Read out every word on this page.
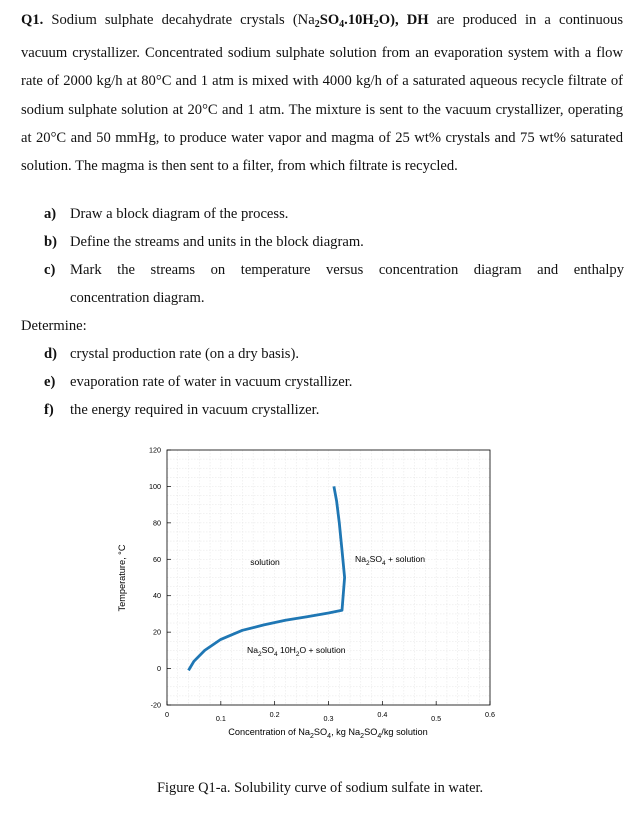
Q1. Sodium sulphate decahydrate crystals $(Na_2SO_4.10H_2O)$, DH are produced in a continuous vacuum crystallizer. Concentrated sodium sulphate solution from an evaporation system with a flow rate of 2000 kg/h at 80°C and 1 atm is mixed with 4000 kg/h of a saturated aqueous recycle filtrate of sodium sulphate solution at 20°C and 1 atm. The mixture is sent to the vacuum crystallizer, operating at 20°C and 50 mmHg, to produce water vapor and magma of 25 wt% crystals and 75 wt% saturated solution. The magma is then sent to a filter, from which filtrate is recycled.
a) Draw a block diagram of the process.
b) Define the streams and units in the block diagram.
c)	Mark the streams on temperature versus concentration diagram and enthalpy
concentration diagram.
Determine:
d) crystal production rate (on a dry basis).
e) evaporation rate of water in vacuum crystallizer.
f) the energy required in vacuum crystallizer.
120
100
80
60
40
20
0
-20
0	0.1	0.2	0.3	0.4	0.5	0.6
solution	$Na_2SO_4$ + solution
$Na_2SO_4$ $10H_2O$ + solution
Concentration of $Na_2SO_4$, kg $Na_2SO_4/kg$ solution
Temperature, °C
Figure Q1-a. Solubility curve of sodium sulfate in water.
